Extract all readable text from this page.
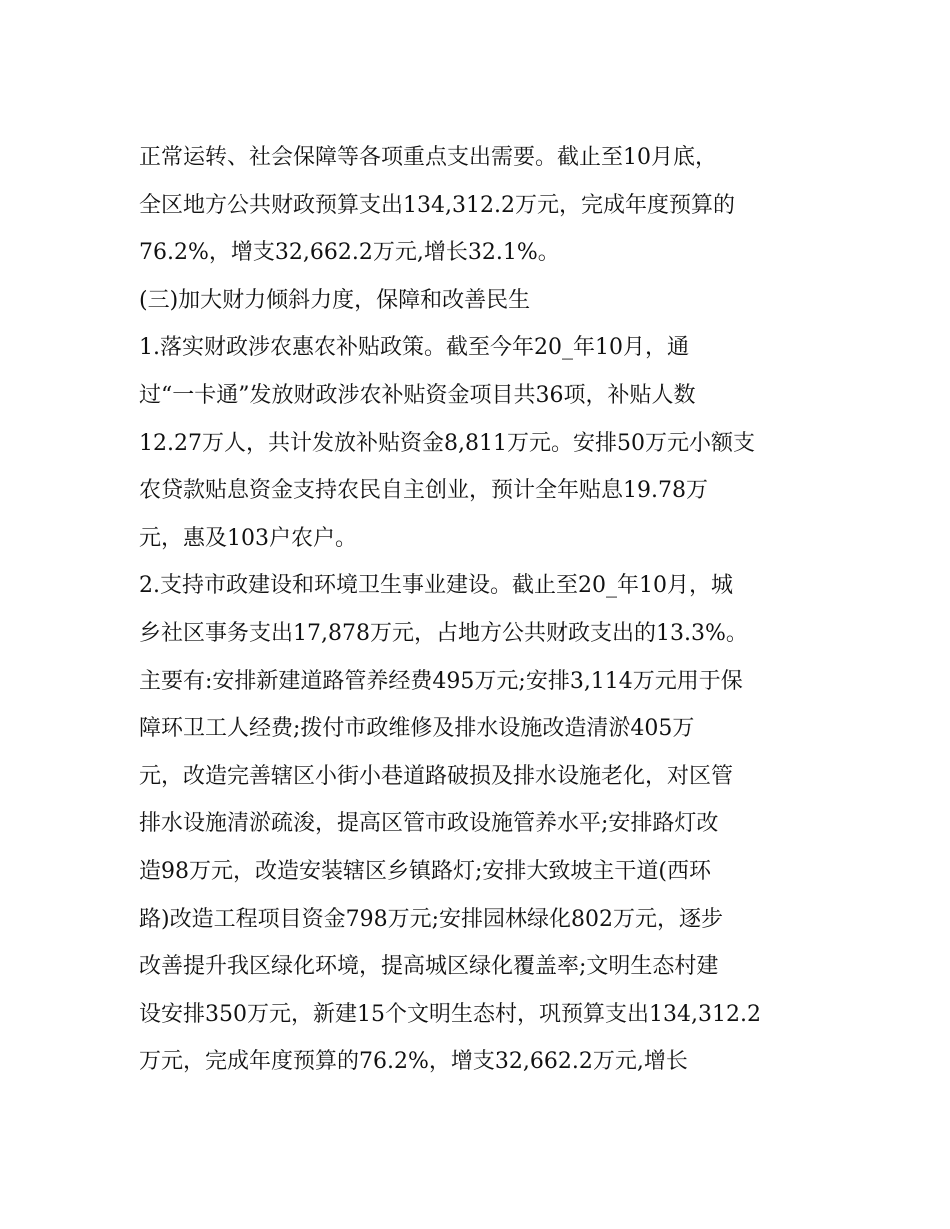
正常运转、社会保障等各项重点支出需要。截止至10月底，
全区地方公共财政预算支出134,312.2万元，完成年度预算的
76.2%，增支32,662.2万元,增长32.1%。
(三)加大财力倾斜力度，保障和改善民生
1.落实财政涉农惠农补贴政策。截至今年20_年10月，通
过“一卡通”发放财政涉农补贴资金项目共36项，补贴人数
12.27万人，共计发放补贴资金8,811万元。安排50万元小额支
农贷款贴息资金支持农民自主创业，预计全年贴息19.78万
元，惠及103户农户。
2.支持市政建设和环境卫生事业建设。截止至20_年10月，城
乡社区事务支出17,878万元，占地方公共财政支出的13.3%。
主要有:安排新建道路管养经费495万元;安排3,114万元用于保
障环卫工人经费;拨付市政维修及排水设施改造清淤405万
元，改造完善辖区小街小巷道路破损及排水设施老化，对区管
排水设施清淤疏浚，提高区管市政设施管养水平;安排路灯改
造98万元，改造安装辖区乡镇路灯;安排大致坡主干道(西环
路)改造工程项目资金798万元;安排园林绿化802万元，逐步
改善提升我区绿化环境，提高城区绿化覆盖率;文明生态村建
设安排350万元，新建15个文明生态村，巩预算支出134,312.2
万元，完成年度预算的76.2%，增支32,662.2万元,增长
